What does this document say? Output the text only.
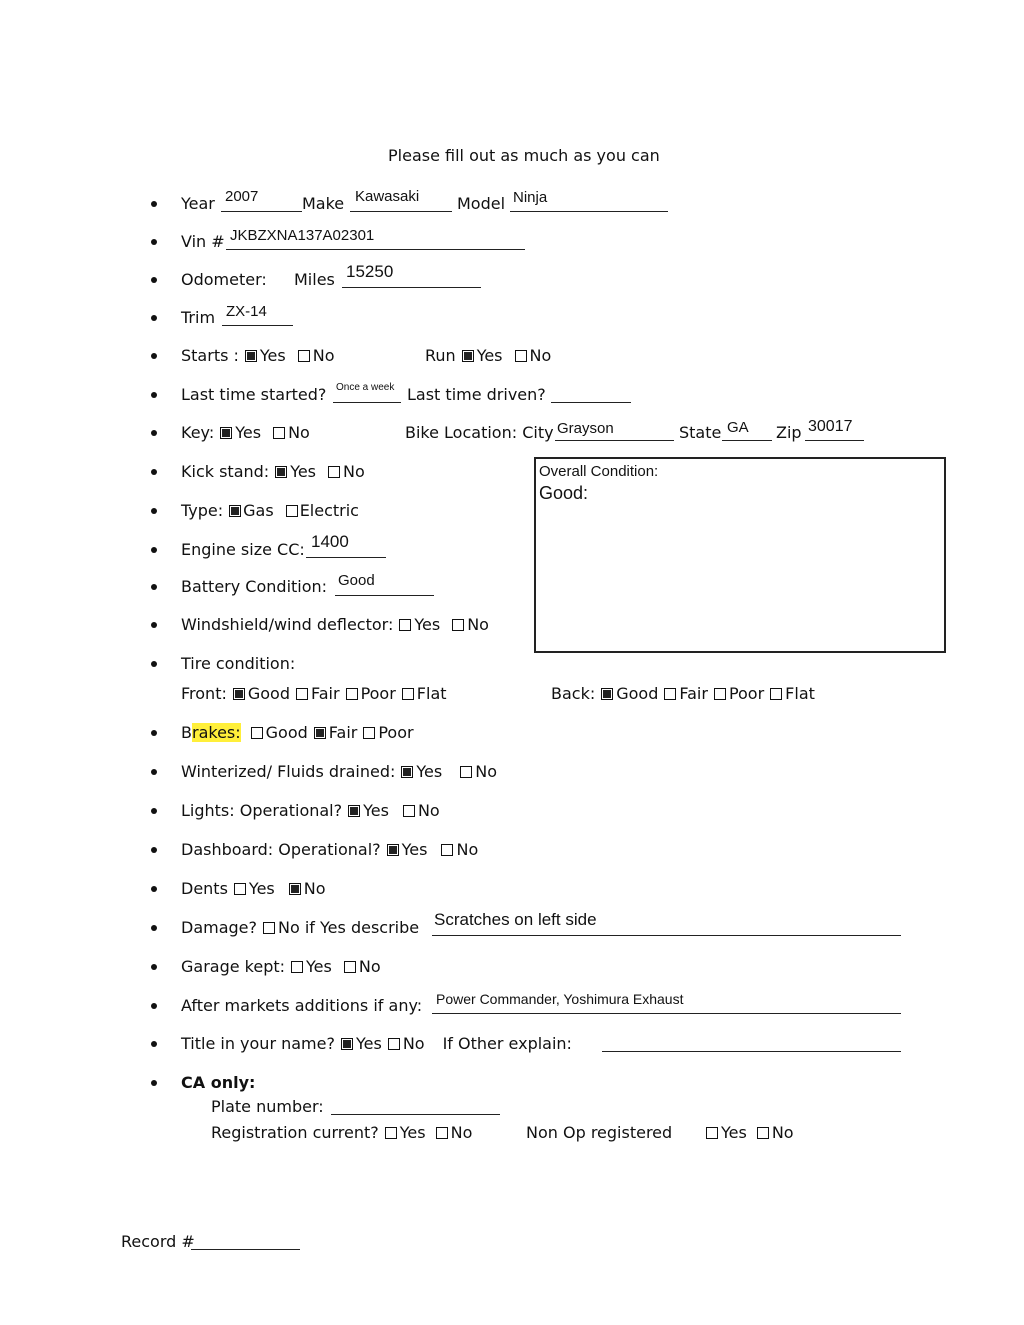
Please fill out as much as you can
Year 2007	Make Kawasaki Model Ninja
Vin # JKBZXNA137A02301
Odometer: Miles 15250
Trim ZX-14
Starts : Yes No	Run Yes No
Last time started? Once a week Last time driven?
Key: Yes No	Bike Location: City Grayson	State GA Zip 30017
Kick stand: Yes No	Overall Condition:
Good:
Type: Gas Electric
Engine size CC: 1400
Battery Condition: Good
Windshield/wind deflector: Yes No
Tire condition:
Front: Good Fair Poor Flat	Back: Good Fair Poor Flat
Brakes: Good Fair Poor
Winterized/ Fluids drained: Yes No
Lights: Operational? Yes No
Dashboard: Operational? Yes No
Dents Yes No
Damage? No if Yes describe Scratches on left side
Garage kept: Yes No
After markets additions if any: Power Commander, Yoshimura Exhaust
Title in your name? Yes No If Other explain:
CA only:
Plate number:
Registration current? Yes No	Non Op registered	Yes No
Record #
